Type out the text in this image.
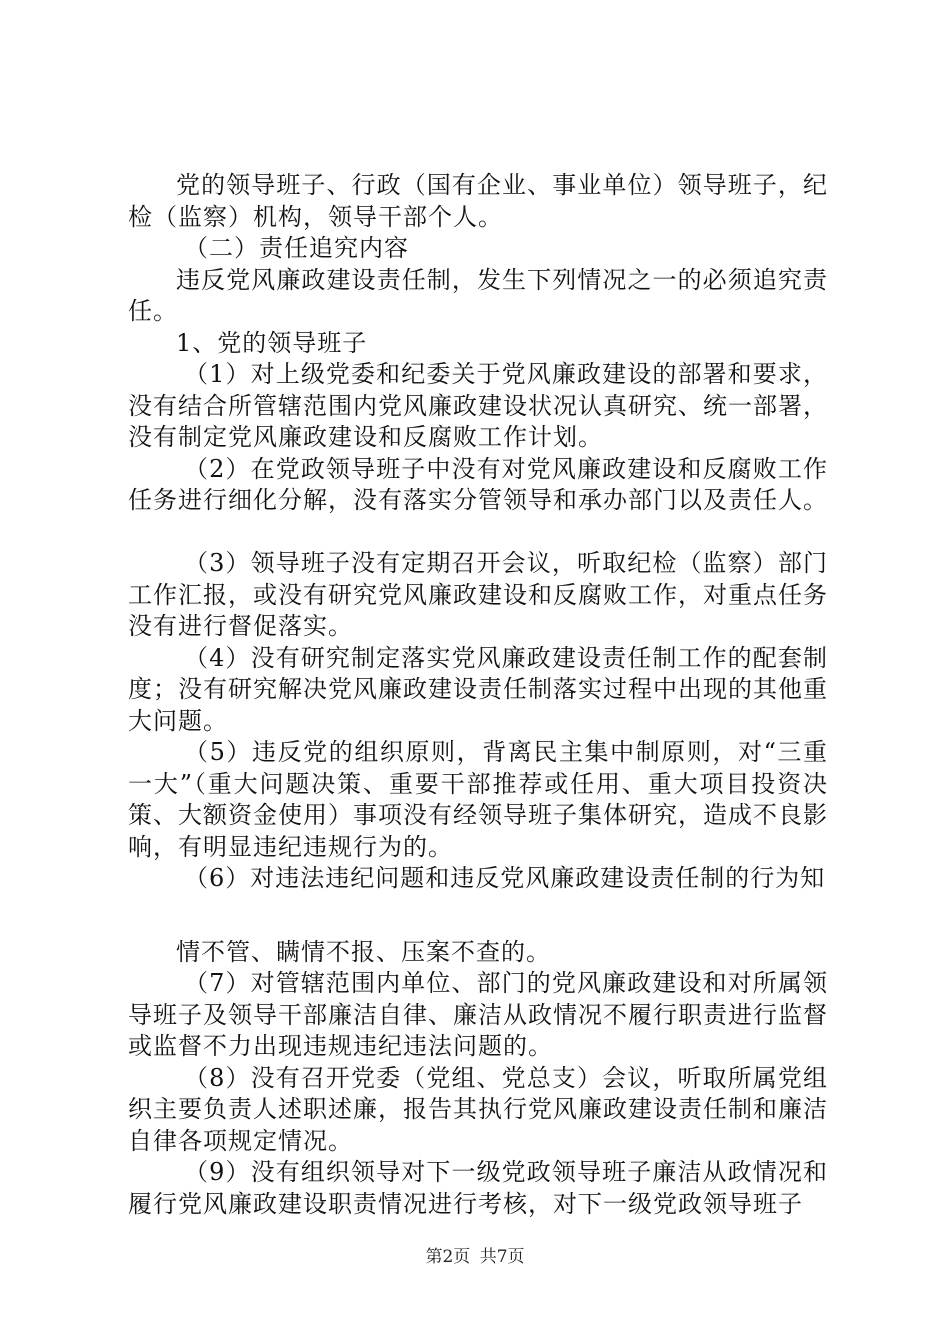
党的领导班子、行政（国有企业、事业单位）领导班子，纪检（监察）机构，领导干部个人。

（二）责任追究内容

违反党风廉政建设责任制，发生下列情况之一的必须追究责任。

1、党的领导班子

（1）对上级党委和纪委关于党风廉政建设的部署和要求，没有结合所管辖范围内党风廉政建设状况认真研究、统一部署，没有制定党风廉政建设和反腐败工作计划。

（2）在党政领导班子中没有对党风廉政建设和反腐败工作任务进行细化分解，没有落实分管领导和承办部门以及责任人。

（3）领导班子没有定期召开会议，听取纪检（监察）部门工作汇报，或没有研究党风廉政建设和反腐败工作，对重点任务没有进行督促落实。

（4）没有研究制定落实党风廉政建设责任制工作的配套制度；没有研究解决党风廉政建设责任制落实过程中出现的其他重大问题。

（5）违反党的组织原则，背离民主集中制原则，对“三重一大”（重大问题决策、重要干部推荐或任用、重大项目投资决策、大额资金使用）事项没有经领导班子集体研究，造成不良影响，有明显违纪违规行为的。

（6）对违法违纪问题和违反党风廉政建设责任制的行为知

情不管、瞒情不报、压案不查的。

（7）对管辖范围内单位、部门的党风廉政建设和对所属领导班子及领导干部廉洁自律、廉洁从政情况不履行职责进行监督或监督不力出现违规违纪违法问题的。

（8）没有召开党委（党组、党总支）会议，听取所属党组织主要负责人述职述廉，报告其执行党风廉政建设责任制和廉洁自律各项规定情况。

（9）没有组织领导对下一级党政领导班子廉洁从政情况和履行党风廉政建设职责情况进行考核，对下一级党政领导班子

第2页 共7页
